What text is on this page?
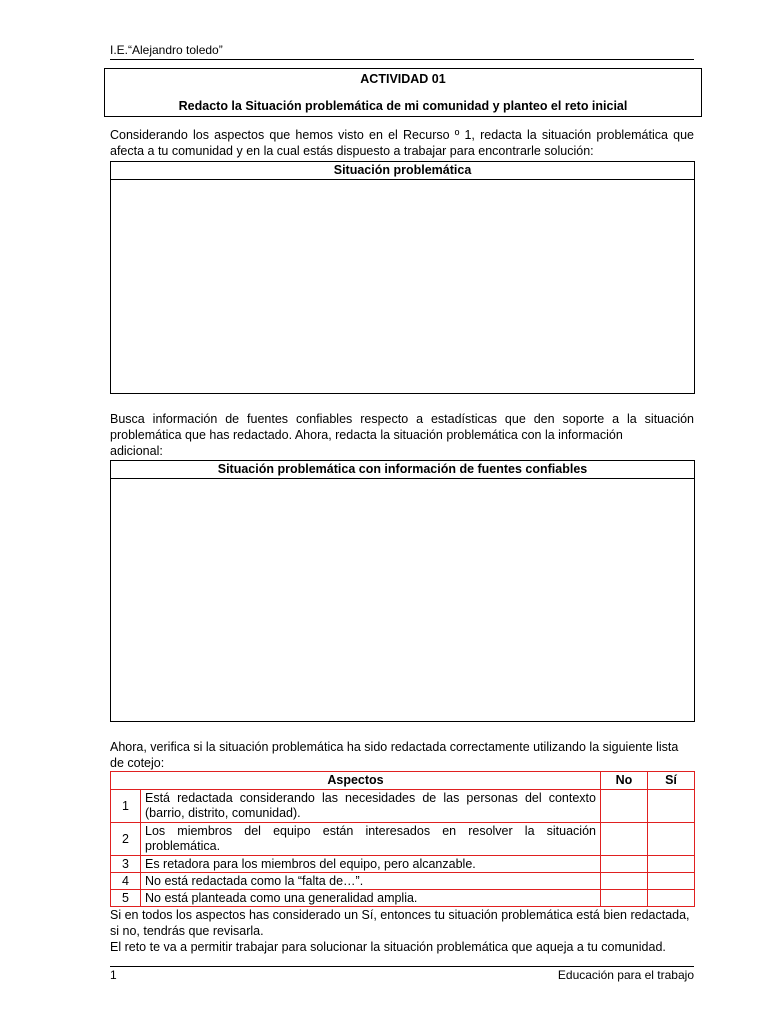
I.E.“Alejandro toledo”
ACTIVIDAD 01
Redacto la Situación problemática de mi comunidad y planteo el reto inicial
Considerando los aspectos que hemos visto en el Recurso º 1, redacta la situación problemática que afecta a tu comunidad y en la cual estás dispuesto a trabajar para encontrarle solución:
Situación problemática
Busca información de fuentes confiables respecto a estadísticas que den soporte a la situación problemática que has redactado. Ahora, redacta la situación problemática con la información
adicional:
Situación problemática con información de fuentes confiables
Ahora, verifica si la situación problemática ha sido redactada correctamente utilizando la siguiente lista
de cotejo:
Aspectos		No	Sí
1	Está redactada considerando las necesidades de las personas del contexto (barrio, distrito, comunidad).		
2	Los miembros del equipo están interesados en resolver la situación problemática.		
3	Es retadora para los miembros del equipo, pero alcanzable.		
4	No está redactada como la “falta de…”.		
5	No está planteada como una generalidad amplia.		
Si en todos los aspectos has considerado un Sí, entonces tu situación problemática está bien redactada, si no, tendrás que revisarla.
El reto te va a permitir trabajar para solucionar la situación problemática que aqueja a tu comunidad.
1	Educación para el trabajo
